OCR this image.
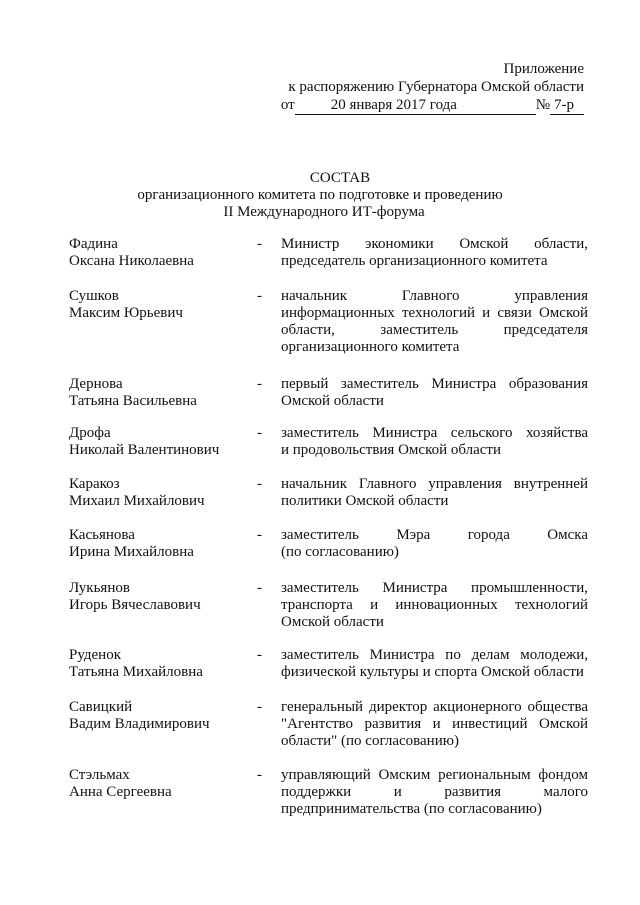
Приложение
к распоряжению Губернатора Омской области
от	20 января 2017 года	№ 7-р
СОСТАВ
организационного комитета по подготовке и проведению
II Международного ИТ-форума
Фадина
Оксана Николаевна
- Министр экономики Омской области,
председатель организационного комитета
Сушков
Максим Юрьевич
- начальник Главного управления
информационных технологий и связи Омской
области, заместитель председателя
организационного комитета
Дернова
Татьяна Васильевна
- первый заместитель Министра образования
Омской области
Дрофа
Николай Валентинович
- заместитель Министра сельского хозяйства
и продовольствия Омской области
Каракоз
Михаил Михайлович
- начальник Главного управления внутренней
политики Омской области
Касьянова
Ирина Михайловна
- заместитель Мэра города Омска
(по согласованию)
Лукьянов
Игорь Вячеславович
- заместитель Министра промышленности,
транспорта и инновационных технологий
Омской области
Руденок
Татьяна Михайловна
- заместитель Министра по делам молодежи,
физической культуры и спорта Омской области
Савицкий
Вадим Владимирович
- генеральный директор акционерного общества
"Агентство развития и инвестиций Омской
области" (по согласованию)
Стэльмах
Анна Сергеевна
- управляющий Омским региональным фондом
поддержки и развития малого
предпринимательства (по согласованию)
